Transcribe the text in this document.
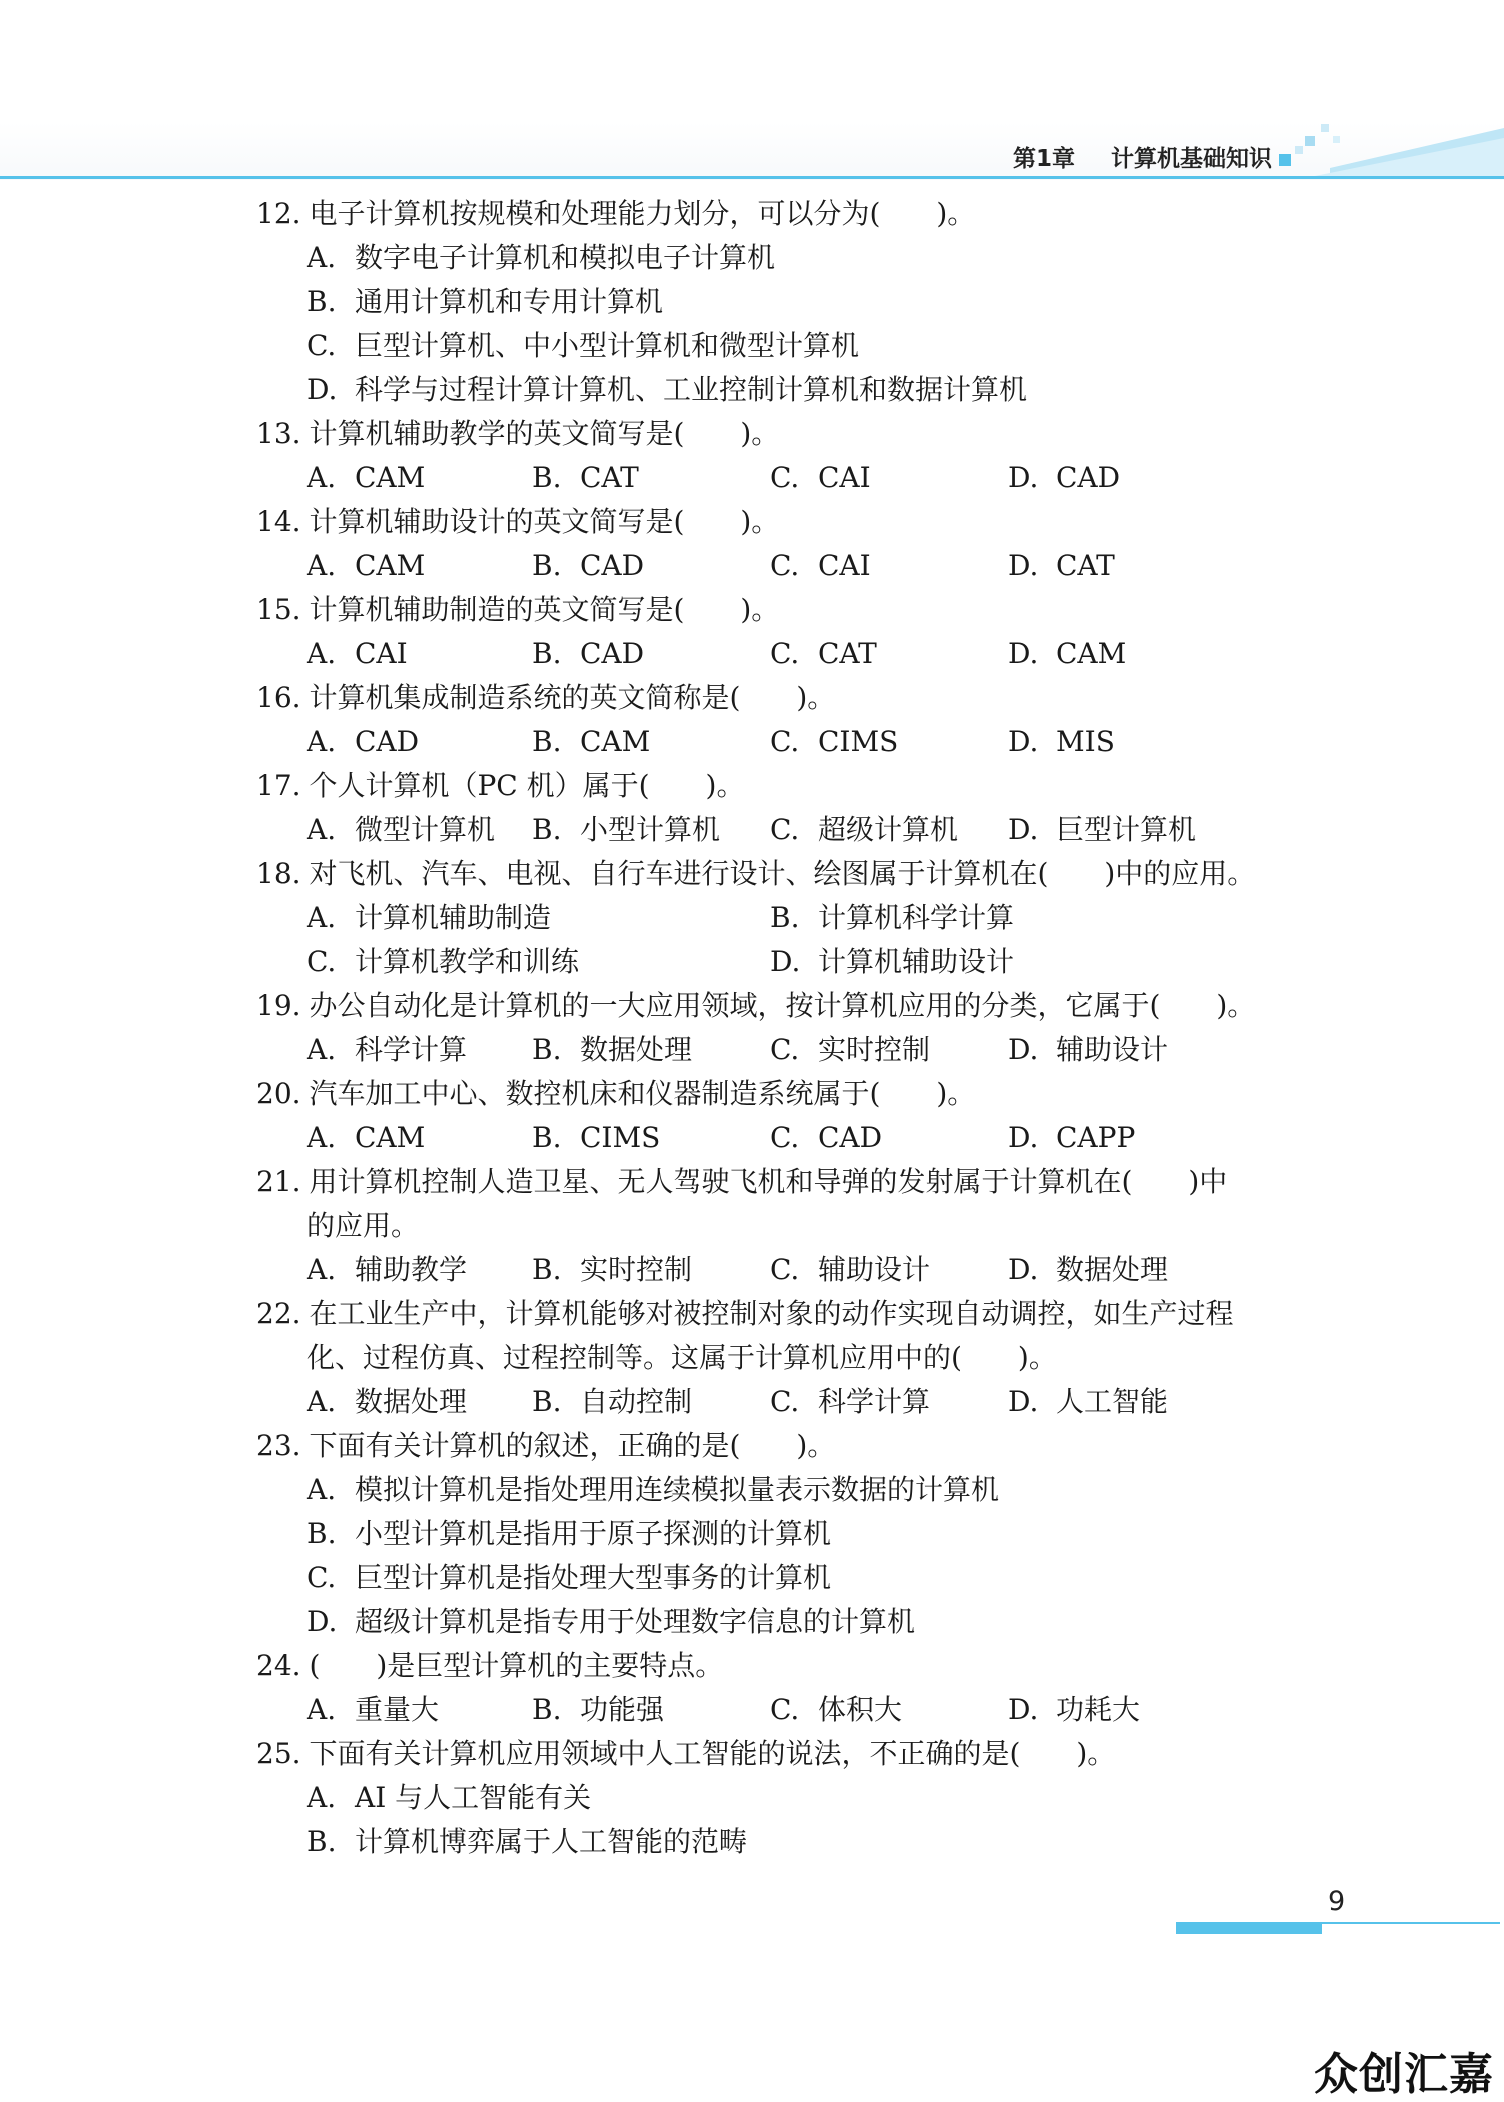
第1章 计算机基础知识
12. 电子计算机按规模和处理能力划分，可以分为(　　)。
A. 数字电子计算机和模拟电子计算机
B. 通用计算机和专用计算机
C. 巨型计算机、中小型计算机和微型计算机
D. 科学与过程计算计算机、工业控制计算机和数据计算机
13. 计算机辅助教学的英文简写是(　　)。
A. CAM	B. CAT	C. CAI	D. CAD
14. 计算机辅助设计的英文简写是(　　)。
A. CAM	B. CAD	C. CAI	D. CAT
15. 计算机辅助制造的英文简写是(　　)。
A. CAI	B. CAD	C. CAT	D. CAM
16. 计算机集成制造系统的英文简称是(　　)。
A. CAD	B. CAM	C. CIMS	D. MIS
17. 个人计算机（PC 机）属于(　　)。
A. 微型计算机 B. 小型计算机 C. 超级计算机 D. 巨型计算机
18. 对飞机、汽车、电视、自行车进行设计、绘图属于计算机在(　　)中的应用。
A. 计算机辅助制造	B. 计算机科学计算
C. 计算机教学和训练	D. 计算机辅助设计
19. 办公自动化是计算机的一大应用领域，按计算机应用的分类，它属于(　　)。
A. 科学计算 B. 数据处理	C. 实时控制	D. 辅助设计
20. 汽车加工中心、数控机床和仪器制造系统属于(　　)。
A. CAM	B. CIMS	C. CAD	D. CAPP
21. 用计算机控制人造卫星、无人驾驶飞机和导弹的发射属于计算机在(　　)中
的应用。
A. 辅助教学 B. 实时控制	C. 辅助设计	D. 数据处理
22. 在工业生产中，计算机能够对被控制对象的动作实现自动调控，如生产过程
化、过程仿真、过程控制等。这属于计算机应用中的(　　)。
A. 数据处理 B. 自动控制	C. 科学计算	D. 人工智能
23. 下面有关计算机的叙述，正确的是(　　)。
A. 模拟计算机是指处理用连续模拟量表示数据的计算机
B. 小型计算机是指用于原子探测的计算机
C. 巨型计算机是指处理大型事务的计算机
D. 超级计算机是指专用于处理数字信息的计算机
24. (　　)是巨型计算机的主要特点。
A. 重量大	B. 功能强	C. 体积大	D. 功耗大
25. 下面有关计算机应用领域中人工智能的说法，不正确的是(　　)。
A. AI 与人工智能有关
B. 计算机博弈属于人工智能的范畴
9
众创汇嘉
